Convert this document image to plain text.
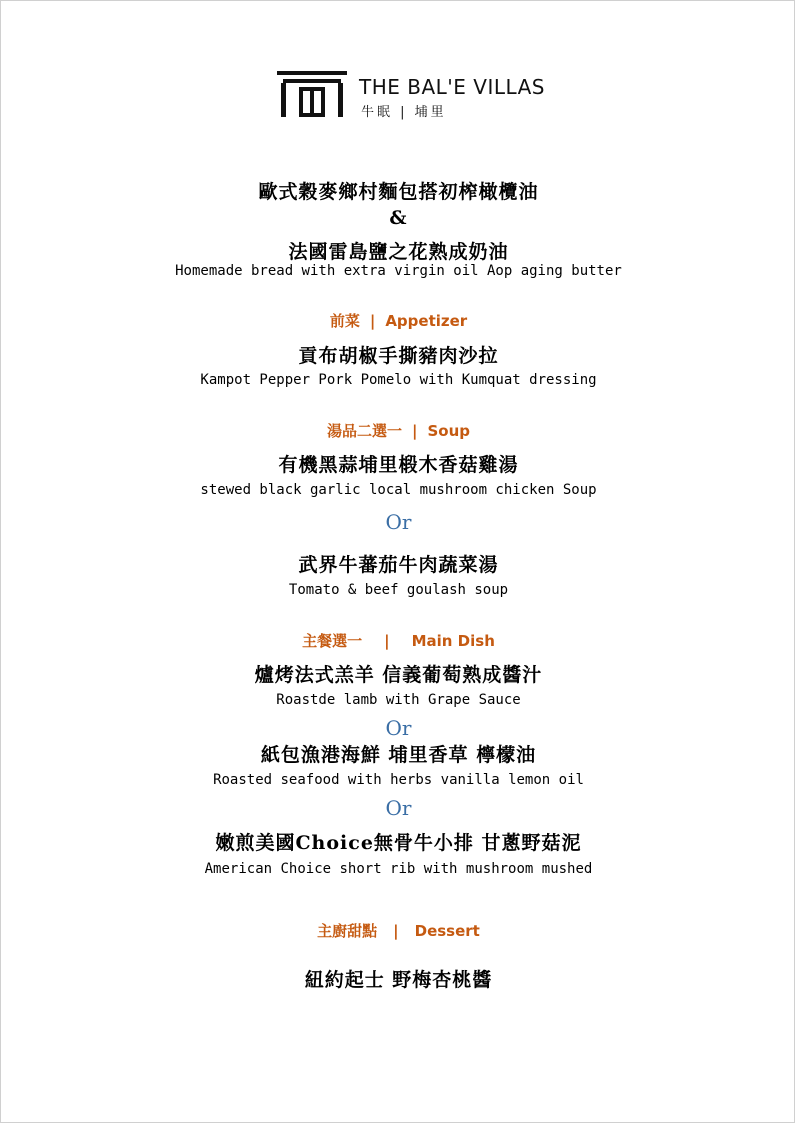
THE BAL'E VILLAS
牛眠 | 埔里
歐式穀麥鄉村麵包搭初榨橄欖油
&
法國雷島鹽之花熟成奶油
Homemade bread with extra virgin oil Aop aging butter
前菜 | Appetizer
貢布胡椒手撕豬肉沙拉
Kampot Pepper Pork Pomelo with Kumquat dressing
湯品二選一 | Soup
有機黑蒜埔里椴木香菇雞湯
stewed black garlic local mushroom chicken Soup
Or
武界牛蕃茄牛肉蔬菜湯
Tomato & beef goulash soup
主餐選一 | Main Dish
爐烤法式羔羊 信義葡萄熟成醬汁
Roastde lamb with Grape Sauce
Or
紙包漁港海鮮 埔里香草 檸檬油
Roasted seafood with herbs vanilla lemon oil
Or
嫩煎美國Choice無骨牛小排 甘蔥野菇泥
American Choice short rib with mushroom mushed
主廚甜點 | Dessert
紐約起士 野梅杏桃醬
